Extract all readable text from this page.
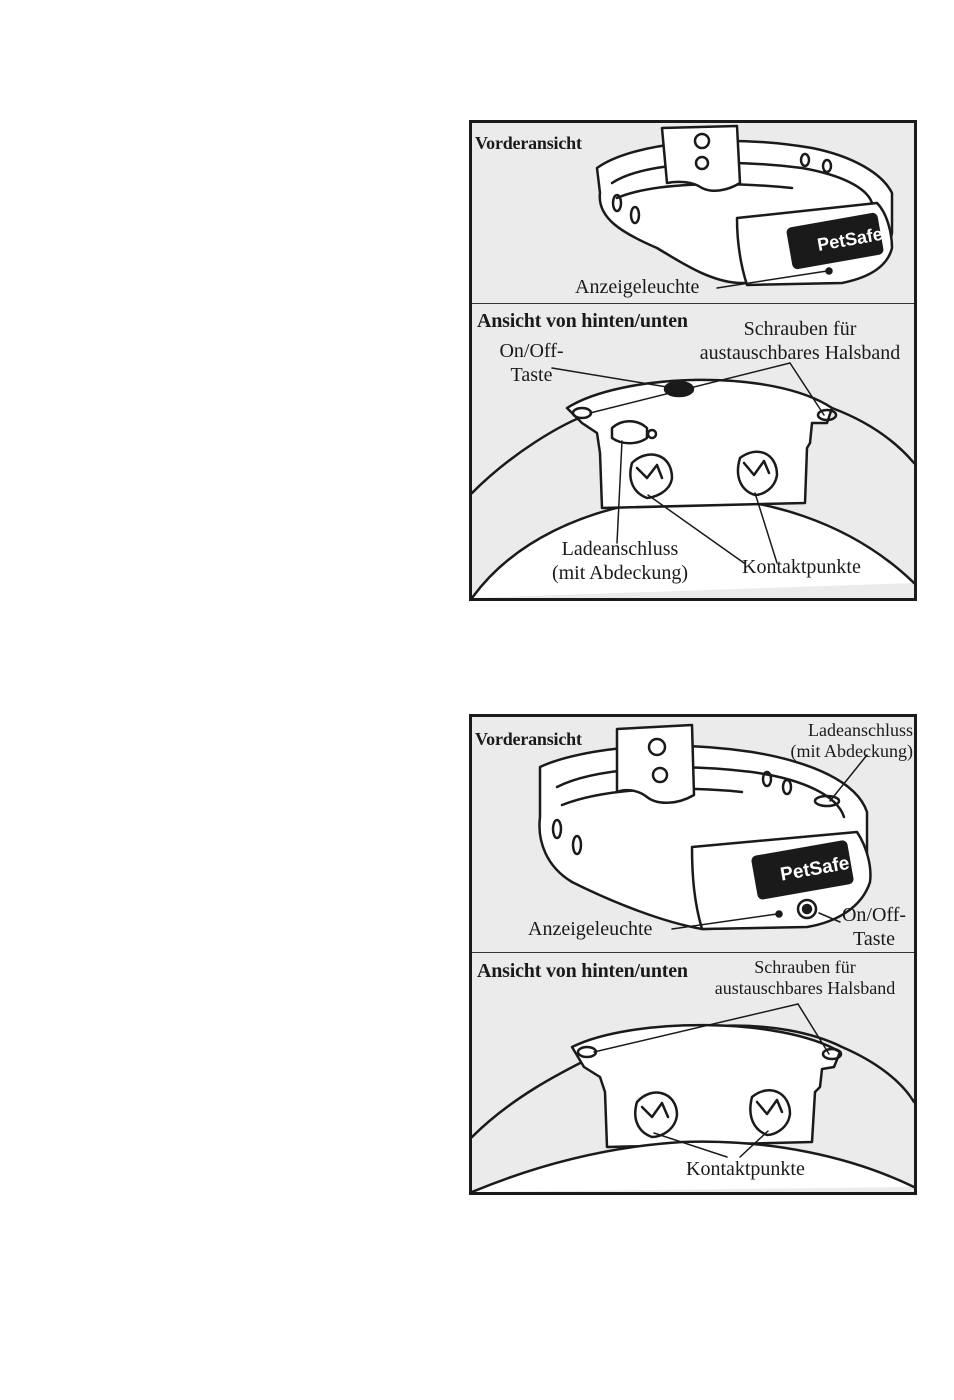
PetSafe
Vorderansicht
Anzeigeleuchte
Ansicht von hinten/unten
On/Off-
Taste
Schrauben für
austauschbares Halsband
Ladeanschluss
(mit Abdeckung)	Kontaktpunkte
PetSafe
Vorderansicht	Ladeanschluss
(mit Abdeckung)
Anzeigeleuchte
On/Off-
Taste
Ansicht von hinten/unten	Schrauben für
austauschbares Halsband
Kontaktpunkte
